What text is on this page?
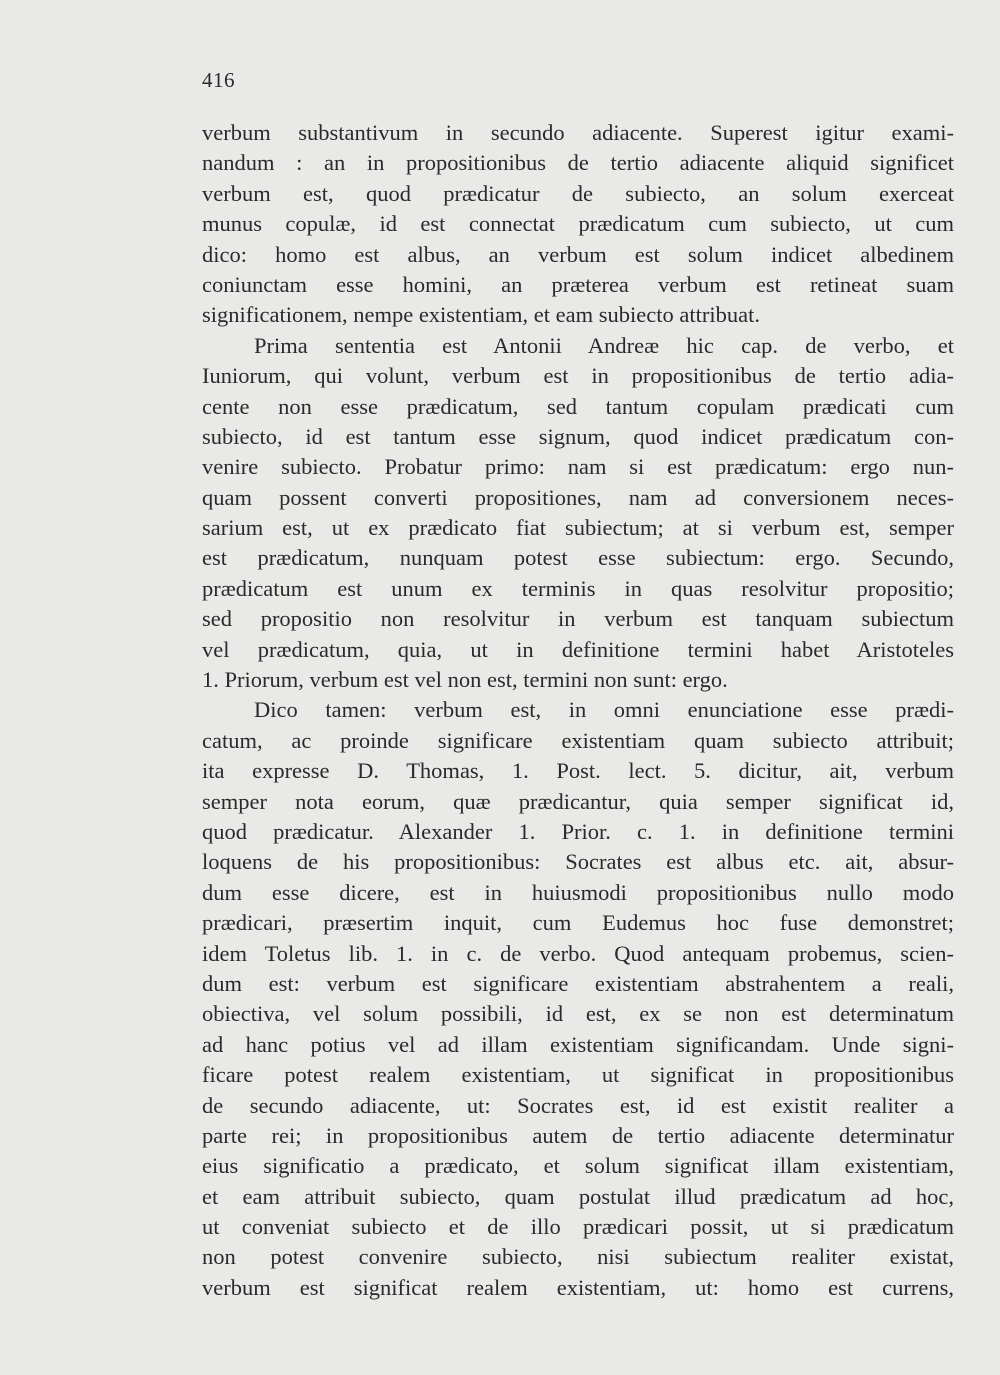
416
verbum substantivum in secundo adiacente. Superest igitur exami-
nandum : an in propositionibus de tertio adiacente aliquid significet
verbum est, quod prædicatur de subiecto, an solum exerceat
munus copulæ, id est connectat prædicatum cum subiecto, ut cum
dico: homo est albus, an verbum est solum indicet albedinem
coniunctam esse homini, an præterea verbum est retineat suam
significationem, nempe existentiam, et eam subiecto attribuat.
Prima sententia est Antonii Andreæ hic cap. de verbo, et
Iuniorum, qui volunt, verbum est in propositionibus de tertio adia-
cente non esse prædicatum, sed tantum copulam prædicati cum
subiecto, id est tantum esse signum, quod indicet prædicatum con-
venire subiecto. Probatur primo: nam si est prædicatum: ergo nun-
quam possent converti propositiones, nam ad conversionem neces-
sarium est, ut ex prædicato fiat subiectum; at si verbum est, semper
est prædicatum, nunquam potest esse subiectum: ergo. Secundo,
prædicatum est unum ex terminis in quas resolvitur propositio;
sed propositio non resolvitur in verbum est tanquam subiectum
vel prædicatum, quia, ut in definitione termini habet Aristoteles
1. Priorum, verbum est vel non est, termini non sunt: ergo.
Dico tamen: verbum est, in omni enunciatione esse prædi-
catum, ac proinde significare existentiam quam subiecto attribuit;
ita expresse D. Thomas, 1. Post. lect. 5. dicitur, ait, verbum
semper nota eorum, quæ prædicantur, quia semper significat id,
quod prædicatur. Alexander 1. Prior. c. 1. in definitione termini
loquens de his propositionibus: Socrates est albus etc. ait, absur-
dum esse dicere, est in huiusmodi propositionibus nullo modo
prædicari, præsertim inquit, cum Eudemus hoc fuse demonstret;
idem Toletus lib. 1. in c. de verbo. Quod antequam probemus, scien-
dum est: verbum est significare existentiam abstrahentem a reali,
obiectiva, vel solum possibili, id est, ex se non est determinatum
ad hanc potius vel ad illam existentiam significandam. Unde signi-
ficare potest realem existentiam, ut significat in propositionibus
de secundo adiacente, ut: Socrates est, id est existit realiter a
parte rei; in propositionibus autem de tertio adiacente determinatur
eius significatio a prædicato, et solum significat illam existentiam,
et eam attribuit subiecto, quam postulat illud prædicatum ad hoc,
ut conveniat subiecto et de illo prædicari possit, ut si prædicatum
non potest convenire subiecto, nisi subiectum realiter existat,
verbum est significat realem existentiam, ut: homo est currens,
